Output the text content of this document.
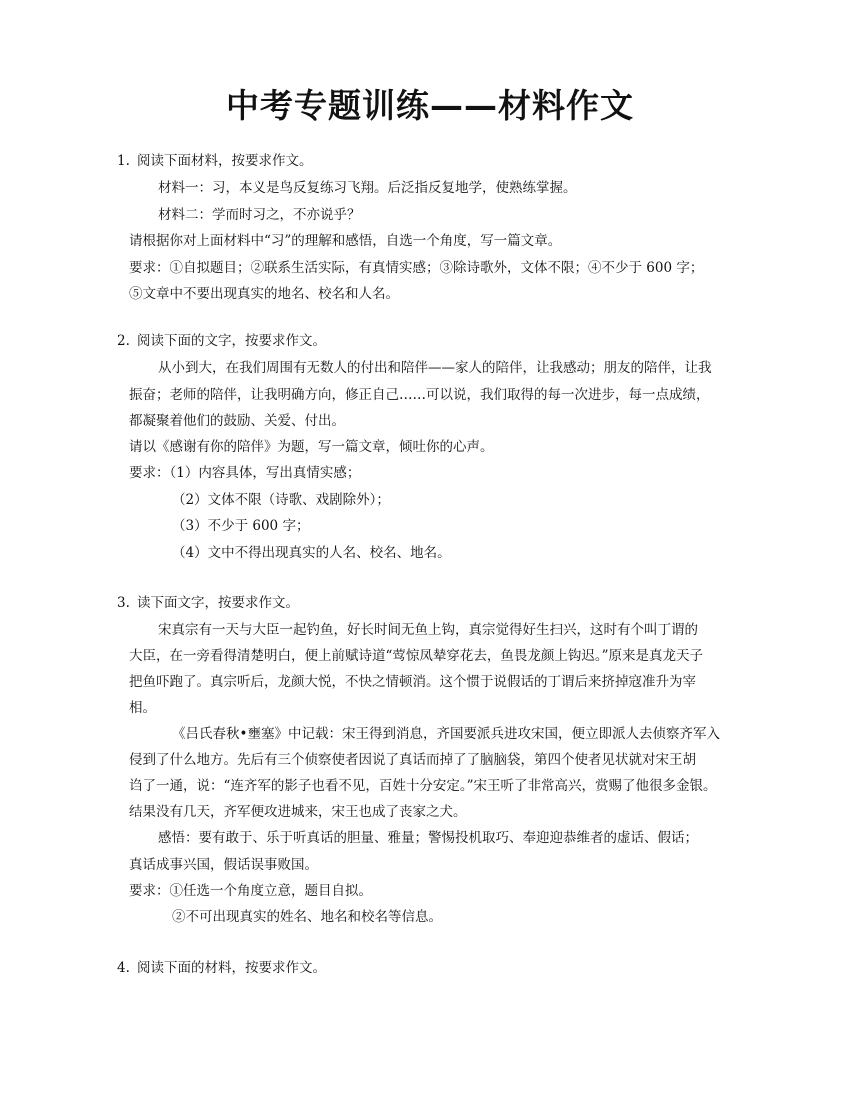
中考专题训练——材料作文
1. 阅读下面材料，按要求作文。
材料一：习，本义是鸟反复练习飞翔。后泛指反复地学，使熟练掌握。
材料二：学而时习之，不亦说乎？
请根据你对上面材料中“习”的理解和感悟，自选一个角度，写一篇文章。
要求：①自拟题目；②联系生活实际，有真情实感；③除诗歌外，文体不限；④不少于 600 字；
⑤文章中不要出现真实的地名、校名和人名。
2. 阅读下面的文字，按要求作文。
从小到大，在我们周围有无数人的付出和陪伴——家人的陪伴，让我感动；朋友的陪伴，让我
振奋；老师的陪伴，让我明确方向，修正自己……可以说，我们取得的每一次进步，每一点成绩，
都凝聚着他们的鼓励、关爱、付出。
请以《感谢有你的陪伴》为题，写一篇文章，倾吐你的心声。
要求：（1）内容具体，写出真情实感；
（2）文体不限（诗歌、戏剧除外）；
（3）不少于 600 字；
（4）文中不得出现真实的人名、校名、地名。
3. 读下面文字，按要求作文。
宋真宗有一天与大臣一起钓鱼，好长时间无鱼上钩，真宗觉得好生扫兴，这时有个叫丁谓的
大臣，在一旁看得清楚明白，便上前赋诗道“莺惊凤辇穿花去，鱼畏龙颜上钩迟。”原来是真龙天子
把鱼吓跑了。真宗听后，龙颜大悦，不快之情顿消。这个惯于说假话的丁谓后来挤掉寇准升为宰
相。
《吕氏春秋•壅塞》中记载：宋王得到消息，齐国要派兵进攻宋国，便立即派人去侦察齐军入
侵到了什么地方。先后有三个侦察使者因说了真话而掉了了脑脑袋，第四个使者见状就对宋王胡
诌了一通，说：“连齐军的影子也看不见，百姓十分安定。”宋王听了非常高兴，赏赐了他很多金银。
结果没有几天，齐军便攻进城来，宋王也成了丧家之犬。
感悟：要有敢于、乐于听真话的胆量、雅量；警惕投机取巧、奉迎迎恭维者的虚话、假话；
真话成事兴国，假话误事败国。
要求：①任选一个角度立意，题目自拟。
②不可出现真实的姓名、地名和校名等信息。
4. 阅读下面的材料，按要求作文。
